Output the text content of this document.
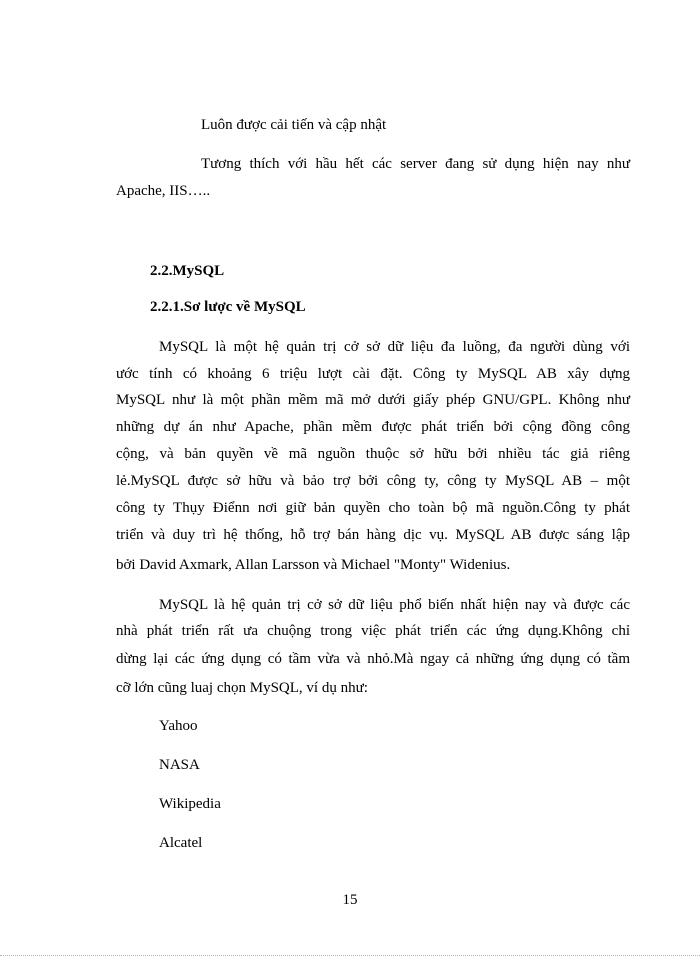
Luôn được cải tiến và cập nhật
Tương thích với hầu hết các server đang sử dụng hiện nay như
Apache, IIS…..
2.2.MySQL
2.2.1.Sơ lược về MySQL
MySQL là một hệ quản trị cở sở dữ liệu đa luồng, đa người dùng với
ước tính có khoảng 6 triệu lượt cài đặt. Công ty MySQL AB xây dựng
MySQL như là một phần mềm mã mở dưới giấy phép GNU/GPL. Không như
những dự án như Apache, phần mềm được phát triển bởi cộng đồng công
cộng, và bản quyền về mã nguồn thuộc sở hữu bởi nhiều tác giả riêng
lẻ.MySQL được sở hữu và bảo trợ bởi công ty, công ty MySQL AB – một
công ty Thụy Điểnn nơi giữ bản quyền cho toàn bộ mã nguồn.Công ty phát
triển và duy trì hệ thống, hỗ trợ bán hàng dịc vụ. MySQL AB được sáng lập
bởi David Axmark, Allan Larsson và Michael "Monty" Widenius.
MySQL là hệ quản trị cở sở dữ liệu phổ biến nhất hiện nay và được các
nhà phát triển rất ưa chuộng trong việc phát triển các ứng dụng.Không chỉ
dừng lại các ứng dụng có tầm vừa và nhỏ.Mà ngay cả những ứng dụng có tầm
cỡ lớn cũng luaj chọn MySQL, ví dụ như:
Yahoo
NASA
Wikipedia
Alcatel
15
